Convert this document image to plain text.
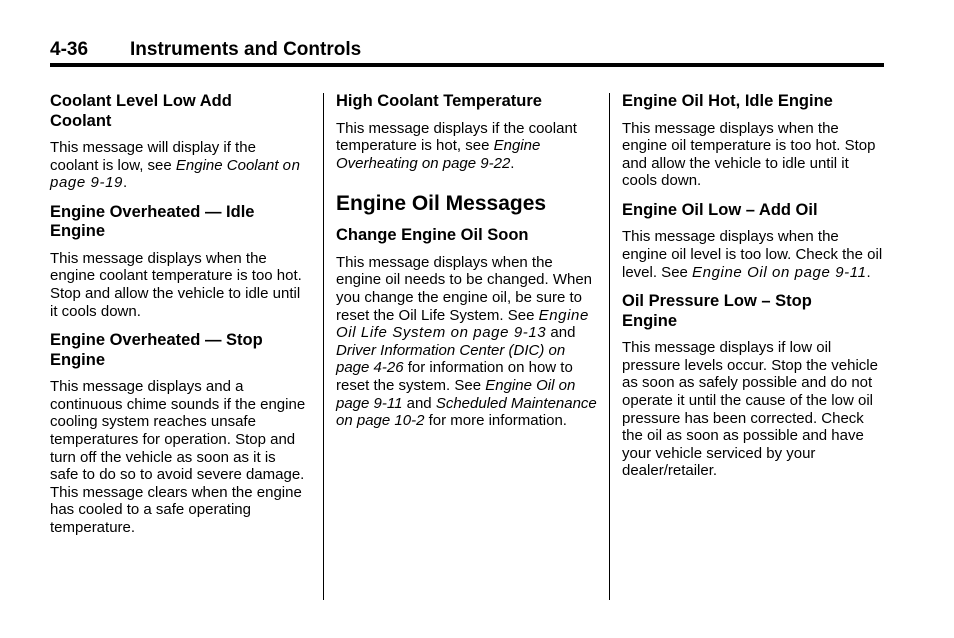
4-36 Instruments and Controls
Coolant Level Low Add
Coolant

This message will display if the coolant is low, see Engine Coolant on page 9-19.

Engine Overheated — Idle
Engine

This message displays when the engine coolant temperature is too hot. Stop and allow the vehicle to idle until it cools down.

Engine Overheated — Stop
Engine

This message displays and a continuous chime sounds if the engine cooling system reaches unsafe temperatures for operation. Stop and turn off the vehicle as soon as it is safe to do so to avoid severe damage. This message clears when the engine has cooled to a safe operating temperature.

High Coolant Temperature

This message displays if the coolant temperature is hot, see Engine Overheating on page 9-22.

Engine Oil Messages
Change Engine Oil Soon

This message displays when the engine oil needs to be changed. When you change the engine oil, be sure to reset the Oil Life System. See Engine Oil Life System on page 9-13 and Driver Information Center (DIC) on page 4-26 for information on how to reset the system. See Engine Oil on page 9-11 and Scheduled Maintenance on page 10-2 for more information.

Engine Oil Hot, Idle Engine

This message displays when the engine oil temperature is too hot. Stop and allow the vehicle to idle until it cools down.

Engine Oil Low – Add Oil

This message displays when the engine oil level is too low. Check the oil level. See Engine Oil on page 9-11.

Oil Pressure Low – Stop
Engine

This message displays if low oil pressure levels occur. Stop the vehicle as soon as safely possible and do not operate it until the cause of the low oil pressure has been corrected. Check the oil as soon as possible and have your vehicle serviced by your dealer/retailer.
